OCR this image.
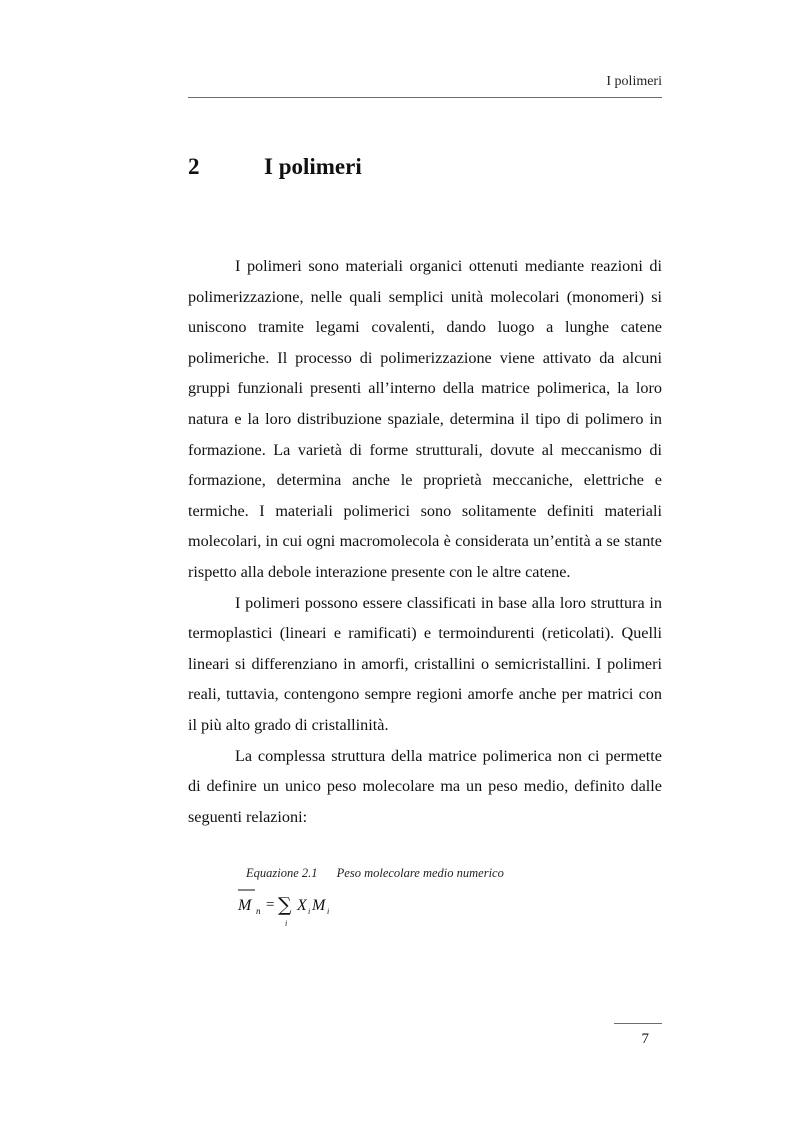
I polimeri
2	I polimeri

I polimeri sono materiali organici ottenuti mediante reazioni di polimerizzazione, nelle quali semplici unità molecolari (monomeri) si uniscono tramite legami covalenti, dando luogo a lunghe catene polimeriche. Il processo di polimerizzazione viene attivato da alcuni gruppi funzionali presenti all’interno della matrice polimerica, la loro natura e la loro distribuzione spaziale, determina il tipo di polimero in formazione. La varietà di forme strutturali, dovute al meccanismo di formazione, determina anche le proprietà meccaniche, elettriche e termiche. I materiali polimerici sono solitamente definiti materiali molecolari, in cui ogni macromolecola è considerata un’entità a se stante rispetto alla debole interazione presente con le altre catene.

I polimeri possono essere classificati in base alla loro struttura in termoplastici (lineari e ramificati) e termoindurenti (reticolati). Quelli lineari si differenziano in amorfi, cristallini o semicristallini. I polimeri reali, tuttavia, contengono sempre regioni amorfe anche per matrici con il più alto grado di cristallinità.

La complessa struttura della matrice polimerica non ci permette di definire un unico peso molecolare ma un peso medio, definito dalle seguenti relazioni:

Equazione 2.1 Peso molecolare medio numerico
M n = ∑
i
X i M i
7
